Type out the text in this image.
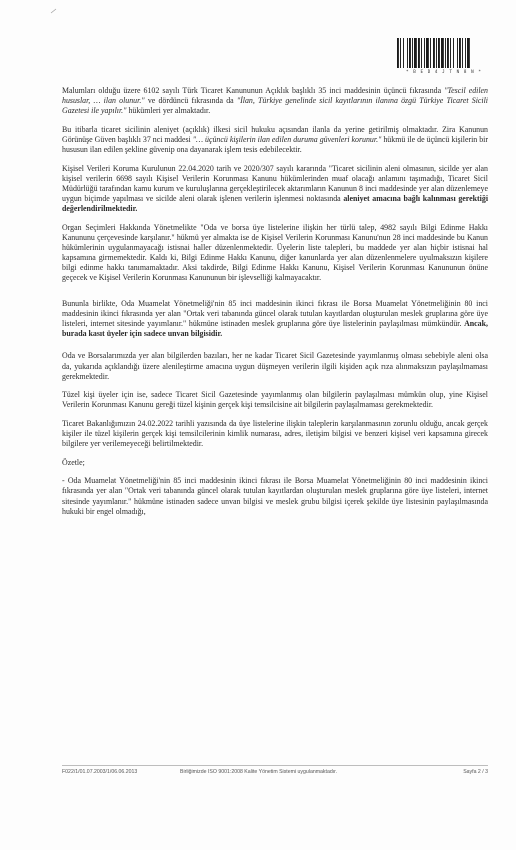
* B E D 4 J T N 8 N *

Malumları olduğu üzere 6102 sayılı Türk Ticaret Kanununun Açıklık başlıklı 35 inci maddesinin üçüncü fıkrasında "Tescil edilen hususlar, … ilan olunur." ve dördüncü fıkrasında da "İlan, Türkiye genelinde sicil kayıtlarının ilanına özgü Türkiye Ticaret Sicili Gazetesi ile yapılır." hükümleri yer almaktadır.

Bu itibarla ticaret sicilinin aleniyet (açıklık) ilkesi sicil hukuku açısından ilanla da yerine getirilmiş olmaktadır. Zira Kanunun Görünüşe Güven başlıklı 37 nci maddesi "… üçüncü kişilerin ilan edilen duruma güvenleri korunur." hükmü ile de üçüncü kişilerin bir hususun ilan edilen şekline güvenip ona dayanarak işlem tesis edebilecektir.

Kişisel Verileri Koruma Kurulunun 22.04.2020 tarih ve 2020/307 sayılı kararında "Ticaret sicilinin aleni olmasının, sicilde yer alan kişisel verilerin 6698 sayılı Kişisel Verilerin Korunması Kanunu hükümlerinden muaf olacağı anlamını taşımadığı, Ticaret Sicil Müdürlüğü tarafından kamu kurum ve kuruluşlarına gerçekleştirilecek aktarımların Kanunun 8 inci maddesinde yer alan düzenlemeye uygun biçimde yapılması ve sicilde aleni olarak işlenen verilerin işlenmesi noktasında aleniyet amacına bağlı kalınması gerektiği değerlendirilmektedir.

Organ Seçimleri Hakkında Yönetmelikte "Oda ve borsa üye listelerine ilişkin her türlü talep, 4982 sayılı Bilgi Edinme Hakkı Kanununu çerçevesinde karşılanır." hükmü yer almakta ise de Kişisel Verilerin Korunması Kanunu'nun 28 inci maddesinde bu Kanun hükümlerinin uygulanmayacağı istisnai haller düzenlenmektedir. Üyelerin liste talepleri, bu maddede yer alan hiçbir istisnai hal kapsamına girmemektedir. Kaldı ki, Bilgi Edinme Hakkı Kanunu, diğer kanunlarda yer alan düzenlenmelere uyulmaksızın kişilere bilgi edinme hakkı tanımamaktadır. Aksi takdirde, Bilgi Edinme Hakkı Kanunu, Kişisel Verilerin Korunması Kanununun önüne geçecek ve Kişisel Verilerin Korunması Kanununun bir işlevselliği kalmayacaktır.

Bununla birlikte, Oda Muamelat Yönetmeliği'nin 85 inci maddesinin ikinci fıkrası ile Borsa Muamelat Yönetmeliğinin 80 inci maddesinin ikinci fıkrasında yer alan "Ortak veri tabanında güncel olarak tutulan kayıtlardan oluşturulan meslek gruplarına göre üye listeleri, internet sitesinde yayımlanır." hükmüne istinaden meslek gruplarına göre üye listelerinin paylaşılması mümkündür. Ancak, burada kasıt üyeler için sadece unvan bilgisidir.

Oda ve Borsalarımızda yer alan bilgilerden bazıları, her ne kadar Ticaret Sicil Gazetesinde yayımlanmış olması sebebiyle aleni olsa da, yukarıda açıklandığı üzere alenileştirme amacına uygun düşmeyen verilerin ilgili kişiden açık rıza alınmaksızın paylaşılmaması gerekmektedir.

Tüzel kişi üyeler için ise, sadece Ticaret Sicil Gazetesinde yayımlanmış olan bilgilerin paylaşılması mümkün olup, yine Kişisel Verilerin Korunması Kanunu gereği tüzel kişinin gerçek kişi temsilcisine ait bilgilerin paylaşılmaması gerekmektedir.

Ticaret Bakanlığımızın 24.02.2022 tarihli yazısında da üye listelerine ilişkin taleplerin karşılanmasının zorunlu olduğu, ancak gerçek kişiler ile tüzel kişilerin gerçek kişi temsilcilerinin kimlik numarası, adres, iletişim bilgisi ve benzeri kişisel veri kapsamına girecek bilgilere yer verilemeyeceği belirtilmektedir.

Özetle;

- Oda Muamelat Yönetmeliği'nin 85 inci maddesinin ikinci fıkrası ile Borsa Muamelat Yönetmeliğinin 80 inci maddesinin ikinci fıkrasında yer alan "Ortak veri tabanında güncel olarak tutulan kayıtlardan oluşturulan meslek gruplarına göre üye listeleri, internet sitesinde yayımlanır." hükmüne istinaden sadece unvan bilgisi ve meslek grubu bilgisi içerek şekilde üye listesinin paylaşılmasında hukuki bir engel olmadığı,

F022/1/01.07.2003/1/06.06.2013	Birliğimizde ISO 9001:2008 Kalite Yönetim Sistemi uygulanmaktadır.	Sayfa 2 / 3
